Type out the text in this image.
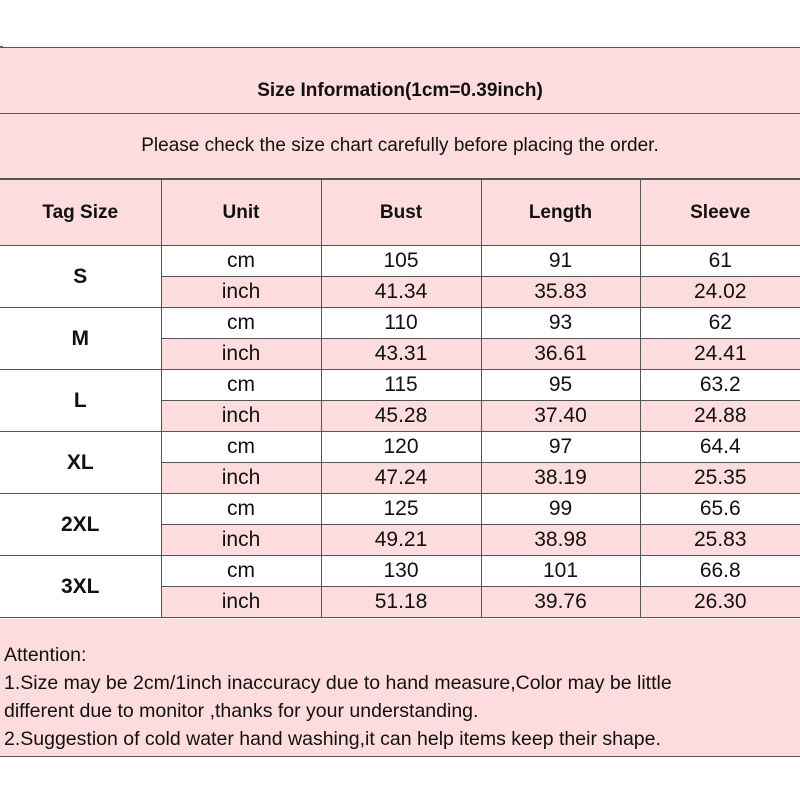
Size Information(1cm=0.39inch)
Please check the size chart carefully before placing the order.
Tag Size	Unit	Bust	Length	Sleeve
S	cm	105	91	61
	inch	41.34	35.83	24.02
M	cm	110	93	62
	inch	43.31	36.61	24.41
L	cm	115	95	63.2
	inch	45.28	37.40	24.88
XL	cm	120	97	64.4
	inch	47.24	38.19	25.35
2XL	cm	125	99	65.6
	inch	49.21	38.98	25.83
3XL	cm	130	101	66.8
	inch	51.18	39.76	26.30
Attention:
1.Size may be 2cm/1inch inaccuracy due to hand measure,Color may be little
different due to monitor ,thanks for your understanding.
2.Suggestion of cold water hand washing,it can help items keep their shape.
